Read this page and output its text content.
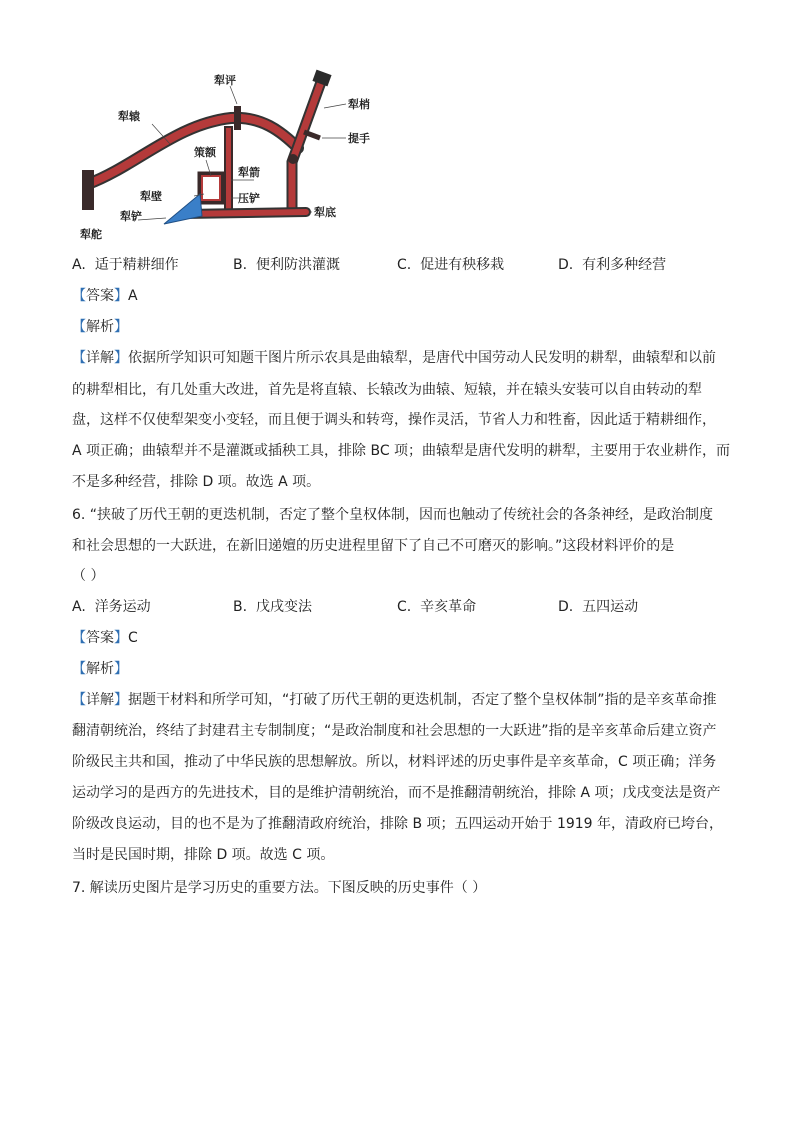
犁评
犁梢
犁辕
提手
策额
犁箭
犁壁	压铲
犁铲	犁底
犁舵
A. 适于精耕细作	B. 便利防洪灌溉	C. 促进有秧移栽	D. 有利多种经营
【答案】A
【解析】
【详解】依据所学知识可知题干图片所示农具是曲辕犁，是唐代中国劳动人民发明的耕犁，曲辕犁和以前
的耕犁相比，有几处重大改进，首先是将直辕、长辕改为曲辕、短辕，并在辕头安装可以自由转动的犁
盘，这样不仅使犁架变小变轻，而且便于调头和转弯，操作灵活，节省人力和牲畜，因此适于精耕细作，
A 项正确；曲辕犁并不是灌溉或插秧工具，排除 BC 项；曲辕犁是唐代发明的耕犁，主要用于农业耕作，而
不是多种经营，排除 D 项。故选 A 项。
6. “挟破了历代王朝的更迭机制，否定了整个皇权体制，因而也触动了传统社会的各条神经，是政治制度
和社会思想的一大跃进，在新旧递嬗的历史进程里留下了自己不可磨灭的影响。”这段材料评价的是
（ ）
A. 洋务运动	B. 戊戌变法	C. 辛亥革命	D. 五四运动
【答案】C
【解析】
【详解】据题干材料和所学可知，“打破了历代王朝的更迭机制，否定了整个皇权体制”指的是辛亥革命推
翻清朝统治，终结了封建君主专制制度；“是政治制度和社会思想的一大跃进”指的是辛亥革命后建立资产
阶级民主共和国，推动了中华民族的思想解放。所以，材料评述的历史事件是辛亥革命，C 项正确；洋务
运动学习的是西方的先进技术，目的是维护清朝统治，而不是推翻清朝统治，排除 A 项；戊戌变法是资产
阶级改良运动，目的也不是为了推翻清政府统治，排除 B 项；五四运动开始于 1919 年，清政府已垮台，
当时是民国时期，排除 D 项。故选 C 项。
7. 解读历史图片是学习历史的重要方法。下图反映的历史事件（ ）
